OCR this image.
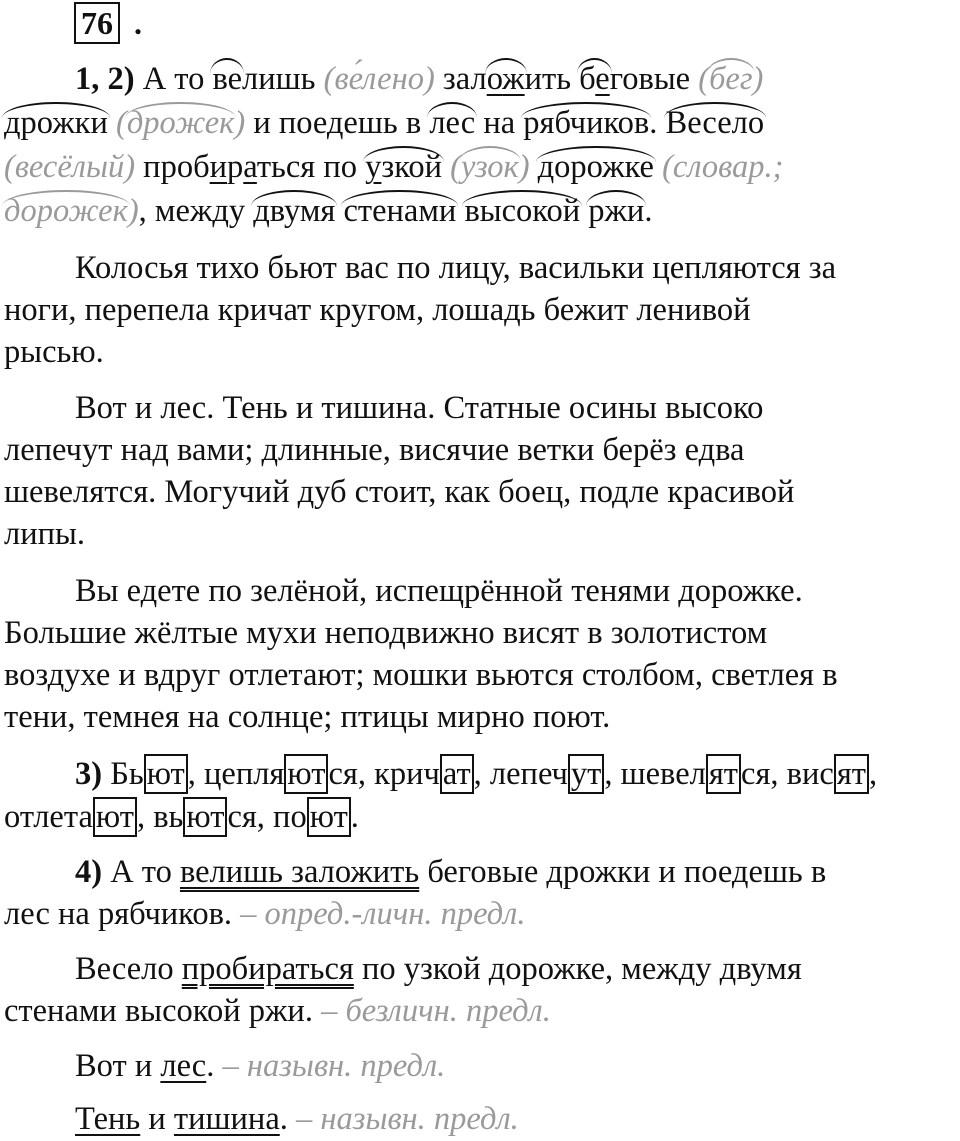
76 .
1, 2) А то велишь (ве́лено) заложить беговые (бег)
дрожки (дрожек) и поедешь в лес на рябчиков. Весело
(весёлый) пробираться по узкой (узок) дорожке (словар.;
дорожек), между двумя стенами высокой ржи.
Колосья тихо бьют вас по лицу, васильки цепляются за
ноги, перепела кричат кругом, лошадь бежит ленивой
рысью.
Вот и лес. Тень и тишина. Статные осины высоко
лепечут над вами; длинные, висячие ветки берёз едва
шевелятся. Могучий дуб стоит, как боец, подле красивой
липы.
Вы едете по зелёной, испещрённой тенями дорожке.
Большие жёлтые мухи неподвижно висят в золотистом
воздухе и вдруг отлетают; мошки вьются столбом, светлея в
тени, темнея на солнце; птицы мирно поют.
3) Бьют, цепляются, кричат, лепечут, шевелятся, висят,
отлетают, вьются, поют.
4) А то велишь заложить беговые дрожки и поедешь в
лес на рябчиков. – опред.-личн. предл.
Весело пробираться по узкой дорожке, между двумя
стенами высокой ржи. – безличн. предл.
Вот и лес. – назывн. предл.
Тень и тишина. – назывн. предл.
